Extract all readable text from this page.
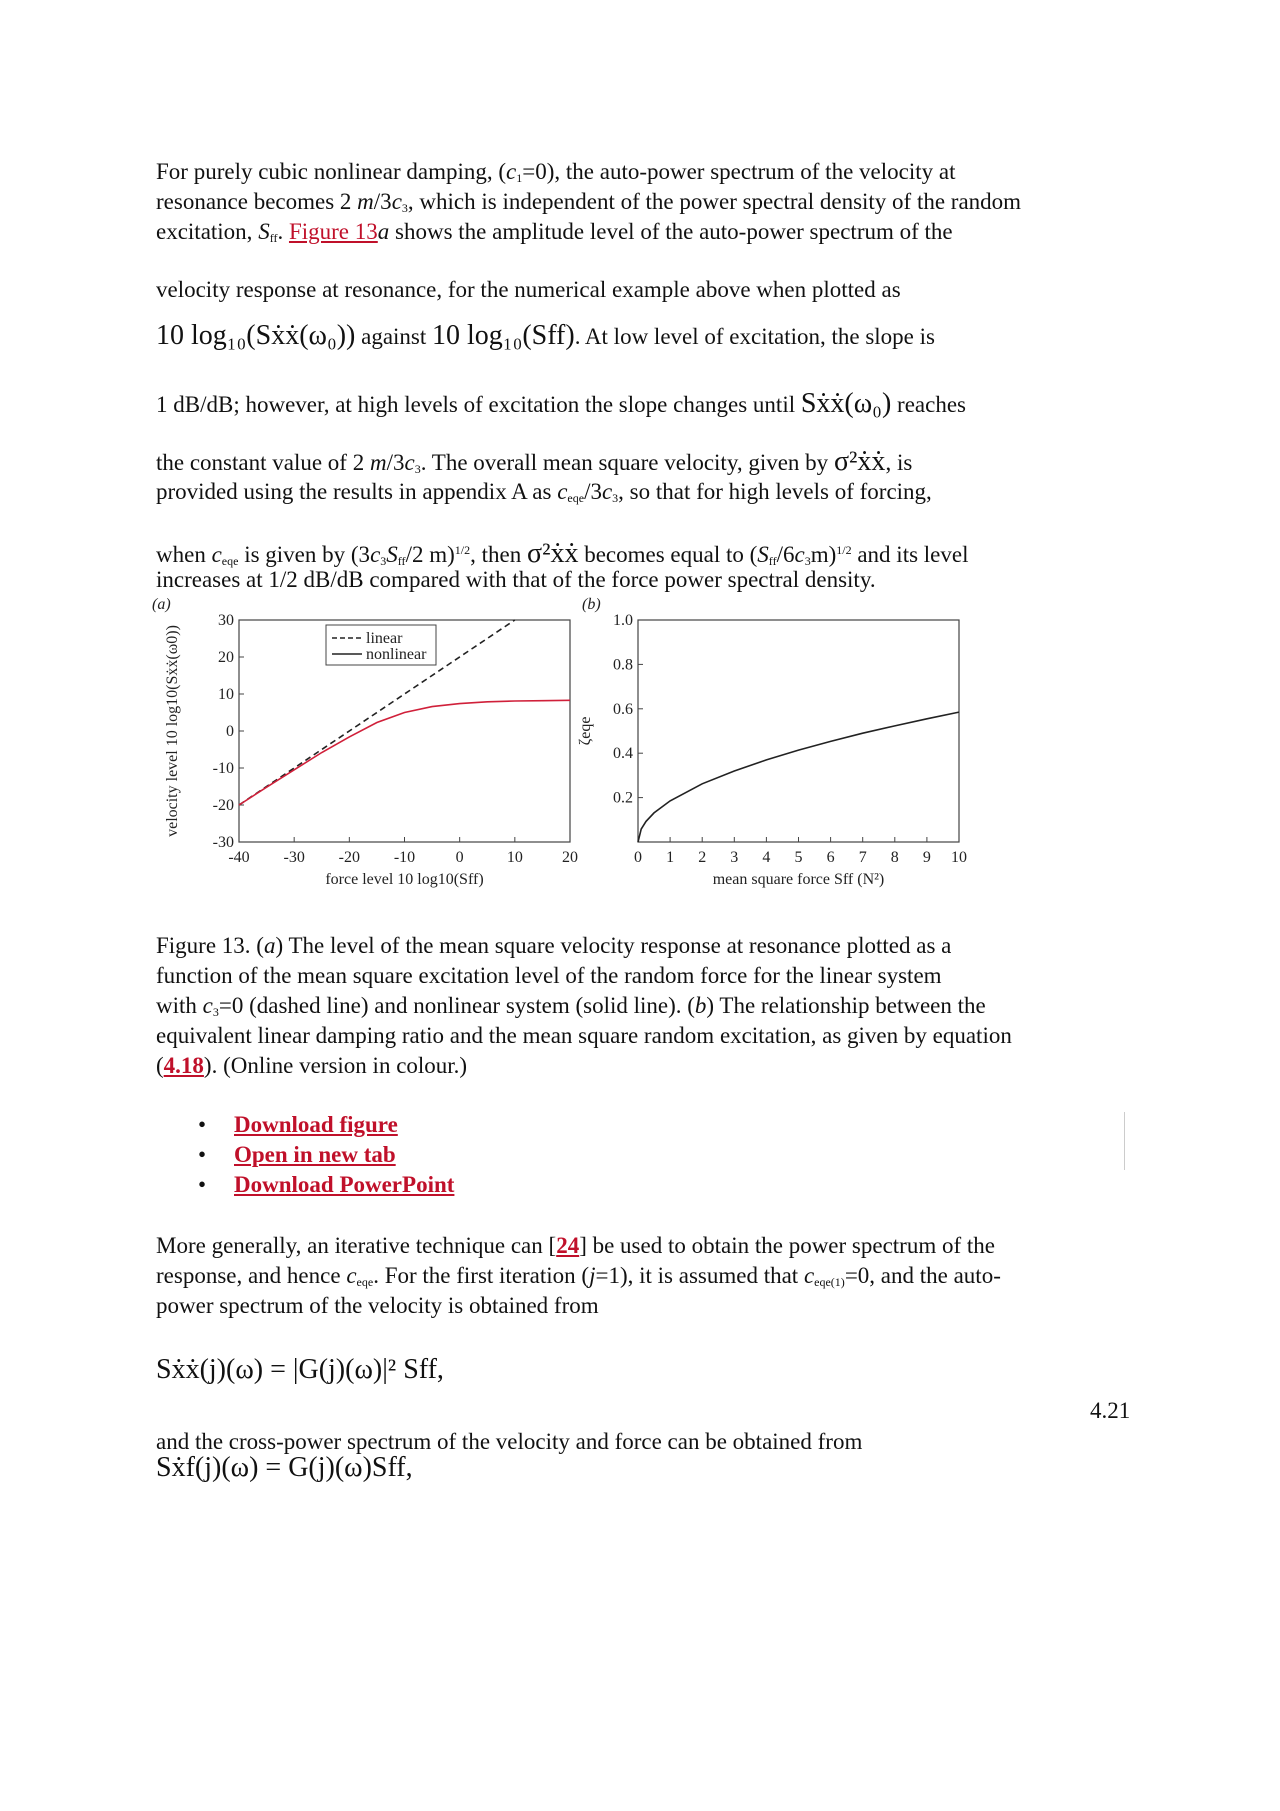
For purely cubic nonlinear damping, $(c_1=0)$, the auto-power spectrum of the velocity at
resonance becomes 2 $m/3c_3$, which is independent of the power spectral density of the random
excitation, $S_{ff}$. Figure 13a shows the amplitude level of the auto-power spectrum of the
velocity response at resonance, for the numerical example above when plotted as
10 log₁₀(Sẋẋ(ω₀)) against 10 log₁₀(Sff). At low level of excitation, the slope is
1 dB/dB; however, at high levels of excitation the slope changes until Sẋẋ(ω₀) reaches
the constant value of 2 $m/3c_3$. The overall mean square velocity, given by σ²ẋẋ, is
provided using the results in appendix A as $c_{eqe}/3c_3$, so that for high levels of forcing,
when $c_{eqe}$ is given by ($3c_3S_{ff}/2$ m)$^{1/2}$, then σ²ẋẋ becomes equal to $(S_{ff}/6c_3m)^{1/2}$ and its level
increases at 1/2 dB/dB compared with that of the force power spectral density.
-40 -30 -20 -10	0	10 20
-30
-20
-10
0
10
20
30
(a)
force level 10 log10(Sff)
velocity level 10 log10(Sẋẋ(ω0))	linear
nonlinear
0 1 2 3 4 5 6 7 8 9 10
0.2
0.4
0.6
0.8
1.0
(b)
mean square force Sff (N²)
ζeqe
Figure 13. (a) The level of the mean square velocity response at resonance plotted as a
function of the mean square excitation level of the random force for the linear system
with $c_3=0$ (dashed line) and nonlinear system (solid line). (b) The relationship between the
equivalent linear damping ratio and the mean square random excitation, as given by equation
(4.18). (Online version in colour.)
• Download figure
• Open in new tab
• Download PowerPoint
More generally, an iterative technique can [24] be used to obtain the power spectrum of the
response, and hence $c_{eqe}$. For the first iteration (j=1), it is assumed that $c_{eqe(1)}=0$, and the auto-
power spectrum of the velocity is obtained from
Sẋẋ(j)(ω) = |G(j)(ω)|² Sff,
4.21
and the cross-power spectrum of the velocity and force can be obtained from
Sẋf(j)(ω) = G(j)(ω)Sff,
